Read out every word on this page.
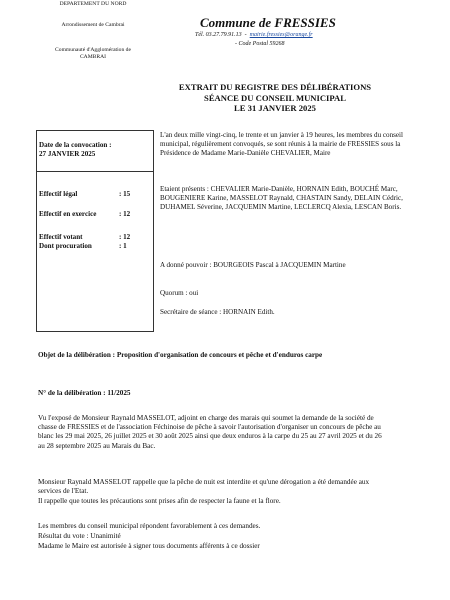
DEPARTEMENT DU NORD
Arrondissement de Cambrai
Communauté d'Agglomération de CAMBRAI
Commune de FRESSIES
Tél. 03.27.79.91.13 - mairie.fressies@orange.fr
- Code Postal 59268
EXTRAIT DU REGISTRE DES DÉLIBÉRATIONS
SÉANCE DU CONSEIL MUNICIPAL
LE 31 JANVIER 2025
Date de la convocation :
27 JANVIER 2025
Effectif légal	: 15
Effectif en exercice	: 12
Effectif votant	: 12
Dont procuration	: 1
L'an deux mille vingt-cinq, le trente et un janvier à 19 heures, les membres du conseil municipal, régulièrement convoqués, se sont réunis à la mairie de FRESSIES sous la Présidence de Madame Marie-Danièle CHEVALIER, Maire
Etaient présents : CHEVALIER Marie-Danièle, HORNAIN Edith, BOUCHÉ Marc, BOUGENIERE Karine, MASSELOT Raynald, CHASTAIN Sandy, DELAIN Cédric, DUHAMEL Séverine, JACQUEMIN Martine, LECLERCQ Alexia, LESCAN Boris.
A donné pouvoir : BOURGEOIS Pascal à JACQUEMIN Martine
Quorum : oui
Secrétaire de séance : HORNAIN Edith.
Objet de la délibération : Proposition d'organisation de concours et pêche et d'enduros carpe
N° de la délibération : 11/2025
Vu l'exposé de Monsieur Raynald MASSELOT, adjoint en charge des marais qui soumet la demande de la société de chasse de FRESSIES et de l'association Féchinoise de pêche à savoir l'autorisation d'organiser un concours de pêche au blanc les 29 mai 2025, 26 juillet 2025 et 30 août 2025 ainsi que deux enduros à la carpe du 25 au 27 avril 2025 et du 26 au 28 septembre 2025 au Marais du Bac.
Monsieur Raynald MASSELOT rappelle que la pêche de nuit est interdite et qu'une dérogation a été demandée aux services de l'Etat.
Il rappelle que toutes les précautions sont prises afin de respecter la faune et la flore.
Les membres du conseil municipal répondent favorablement à ces demandes.
Résultat du vote : Unanimité
Madame le Maire est autorisée à signer tous documents afférents à ce dossier
